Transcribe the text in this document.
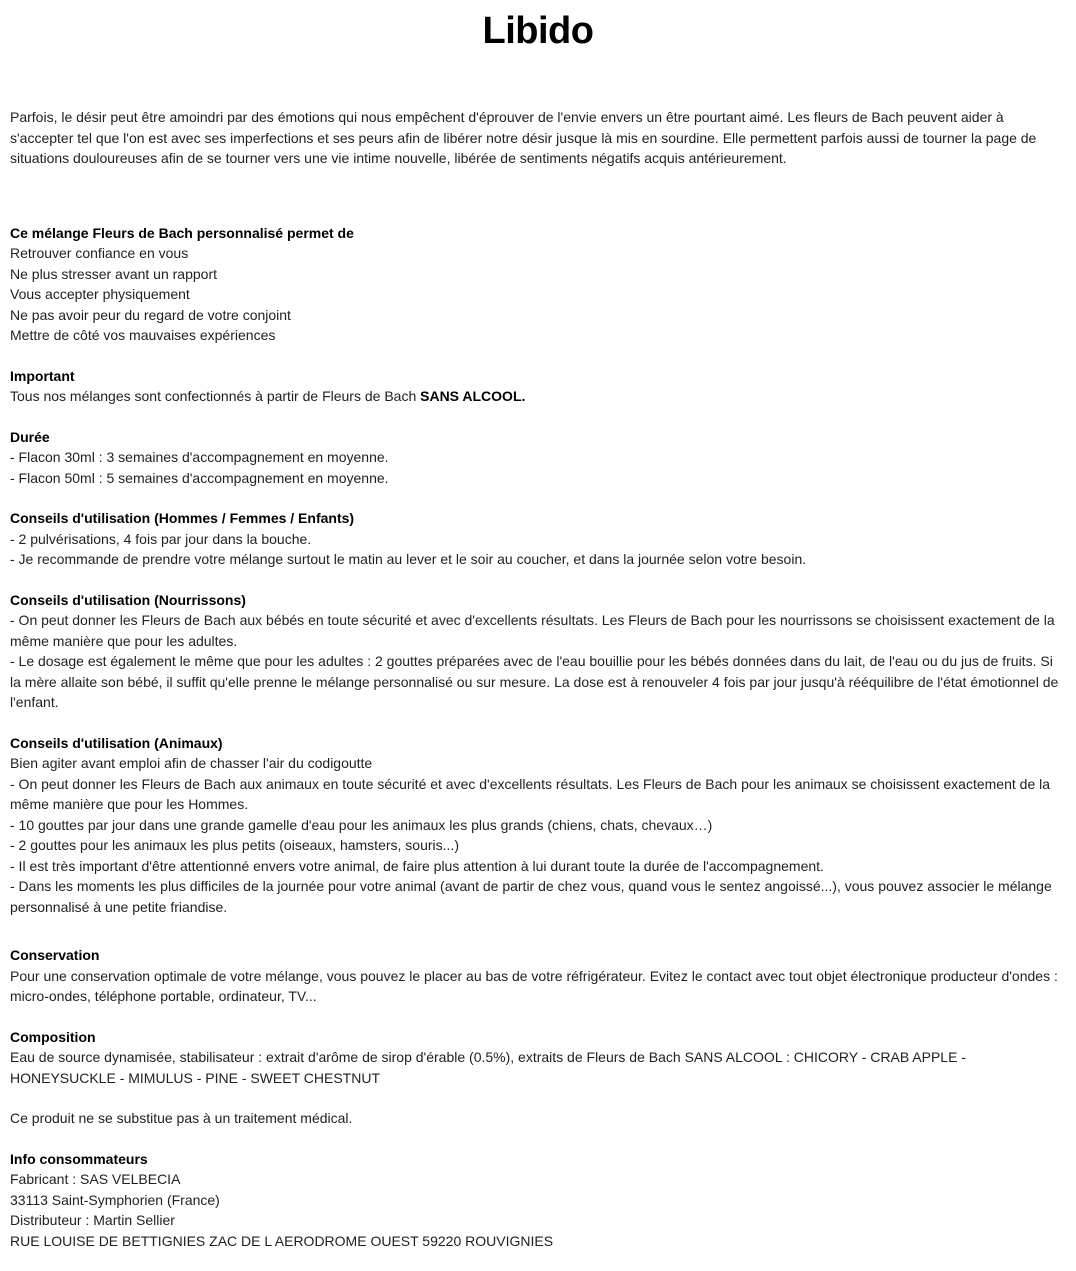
Libido

Parfois, le désir peut être amoindri par des émotions qui nous empêchent d'éprouver de l'envie envers un être pourtant aimé. Les fleurs de Bach peuvent aider à s'accepter tel que l'on est avec ses imperfections et ses peurs afin de libérer notre désir jusque là mis en sourdine. Elle permettent parfois aussi de tourner la page de situations douloureuses afin de se tourner vers une vie intime nouvelle, libérée de sentiments négatifs acquis antérieurement.

Ce mélange Fleurs de Bach personnalisé permet de

Retrouver confiance en vous

Ne plus stresser avant un rapport

Vous accepter physiquement

Ne pas avoir peur du regard de votre conjoint

Mettre de côté vos mauvaises expériences

Important

Tous nos mélanges sont confectionnés à partir de Fleurs de Bach SANS ALCOOL.

Durée

- Flacon 30ml : 3 semaines d'accompagnement en moyenne.

- Flacon 50ml : 5 semaines d'accompagnement en moyenne.

Conseils d'utilisation (Hommes / Femmes / Enfants)

- 2 pulvérisations, 4 fois par jour dans la bouche.

- Je recommande de prendre votre mélange surtout le matin au lever et le soir au coucher, et dans la journée selon votre besoin.

Conseils d'utilisation (Nourrissons)

- On peut donner les Fleurs de Bach aux bébés en toute sécurité et avec d'excellents résultats. Les Fleurs de Bach pour les nourrissons se choisissent exactement de la même manière que pour les adultes.

- Le dosage est également le même que pour les adultes : 2 gouttes préparées avec de l'eau bouillie pour les bébés données dans du lait, de l'eau ou du jus de fruits. Si la mère allaite son bébé, il suffit qu'elle prenne le mélange personnalisé ou sur mesure. La dose est à renouveler 4 fois par jour jusqu'à rééquilibre de l'état émotionnel de l'enfant.

Conseils d'utilisation (Animaux)

Bien agiter avant emploi afin de chasser l'air du codigoutte

- On peut donner les Fleurs de Bach aux animaux en toute sécurité et avec d'excellents résultats. Les Fleurs de Bach pour les animaux se choisissent exactement de la même manière que pour les Hommes.

- 10 gouttes par jour dans une grande gamelle d'eau pour les animaux les plus grands (chiens, chats, chevaux…)

- 2 gouttes pour les animaux les plus petits (oiseaux, hamsters, souris...)

- Il est très important d'être attentionné envers votre animal, de faire plus attention à lui durant toute la durée de l'accompagnement.

- Dans les moments les plus difficiles de la journée pour votre animal (avant de partir de chez vous, quand vous le sentez angoissé...), vous pouvez associer le mélange personnalisé à une petite friandise.

Conservation

Pour une conservation optimale de votre mélange, vous pouvez le placer au bas de votre réfrigérateur. Evitez le contact avec tout objet électronique producteur d'ondes : micro-ondes, téléphone portable, ordinateur, TV...

Composition

Eau de source dynamisée, stabilisateur : extrait d'arôme de sirop d'érable (0.5%), extraits de Fleurs de Bach SANS ALCOOL : CHICORY - CRAB APPLE - HONEYSUCKLE - MIMULUS - PINE - SWEET CHESTNUT

Ce produit ne se substitue pas à un traitement médical.

Info consommateurs

Fabricant : SAS VELBECIA

33113 Saint-Symphorien (France)

Distributeur : Martin Sellier

RUE LOUISE DE BETTIGNIES ZAC DE L AERODROME OUEST 59220 ROUVIGNIES
